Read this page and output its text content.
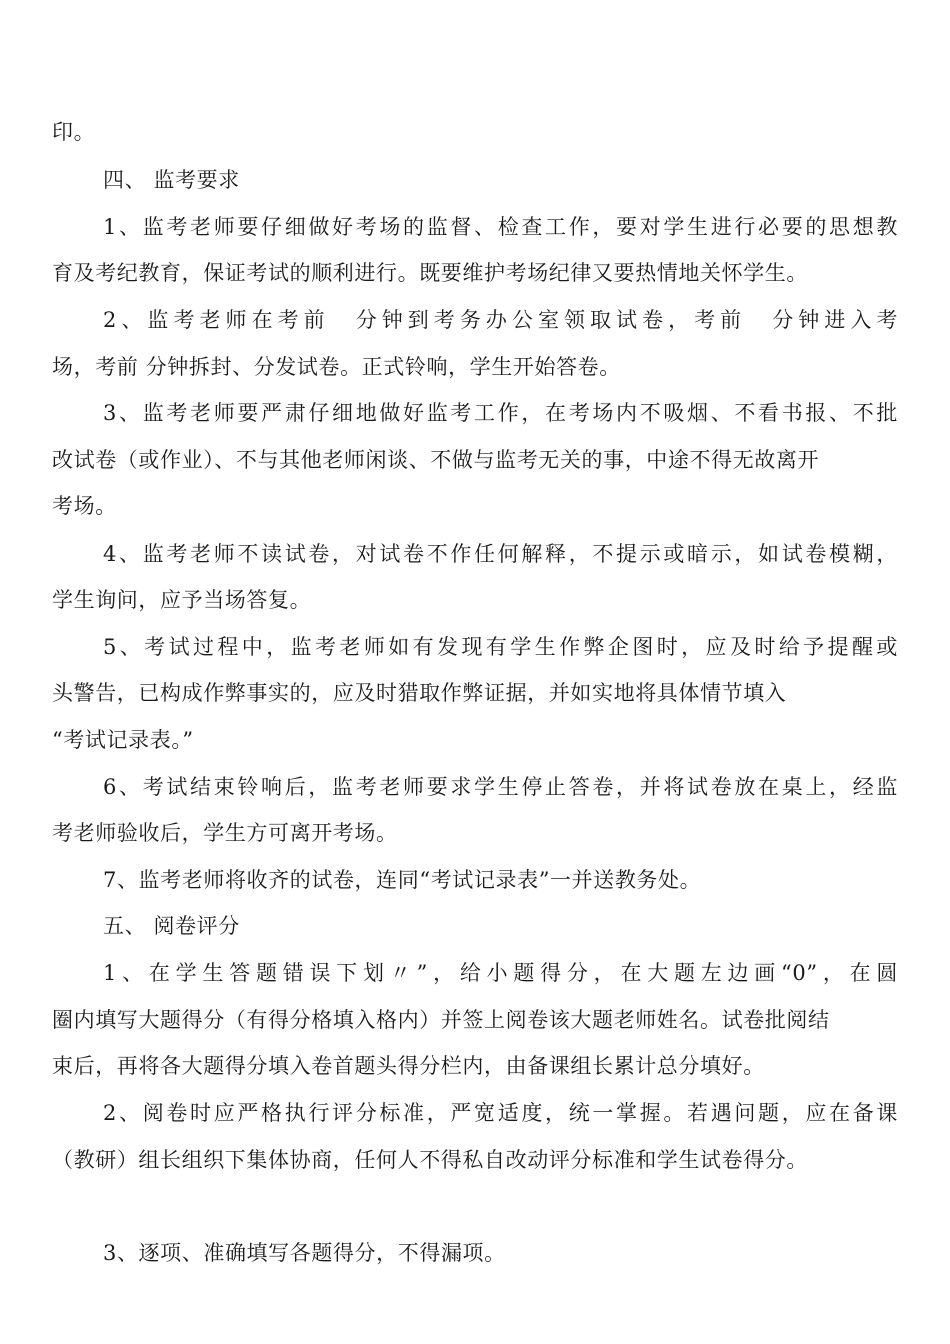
印。
四、 监考要求
1、监考老师要仔细做好考场的监督、检查工作，要对学生进行必要的思想教
育及考纪教育，保证考试的顺利进行。既要维护考场纪律又要热情地关怀学生。
2、监考老师在考前　分钟到考务办公室领取试卷，考前　分钟进入考
场，考前 分钟拆封、分发试卷。正式铃响，学生开始答卷。
3、监考老师要严肃仔细地做好监考工作，在考场内不吸烟、不看书报、不批
改试卷（或作业）、不与其他老师闲谈、不做与监考无关的事，中途不得无故离开
考场。
4、监考老师不读试卷，对试卷不作任何解释，不提示或暗示，如试卷模糊，
学生询问，应予当场答复。
5、考试过程中，监考老师如有发现有学生作弊企图时，应及时给予提醒或
头警告，已构成作弊事实的，应及时猎取作弊证据，并如实地将具体情节填入
“考试记录表。”
6、考试结束铃响后，监考老师要求学生停止答卷，并将试卷放在桌上，经监
考老师验收后，学生方可离开考场。
7、监考老师将收齐的试卷，连同“考试记录表”一并送教务处。
五、 阅卷评分
1、在学生答题错误下划〃”，给小题得分，在大题左边画“0”，在圆
圈内填写大题得分（有得分格填入格内）并签上阅卷该大题老师姓名。试卷批阅结
束后，再将各大题得分填入卷首题头得分栏内，由备课组长累计总分填好。
2、阅卷时应严格执行评分标准，严宽适度，统一掌握。若遇问题，应在备课
（教研）组长组织下集体协商，任何人不得私自改动评分标准和学生试卷得分。
3、逐项、准确填写各题得分，不得漏项。
